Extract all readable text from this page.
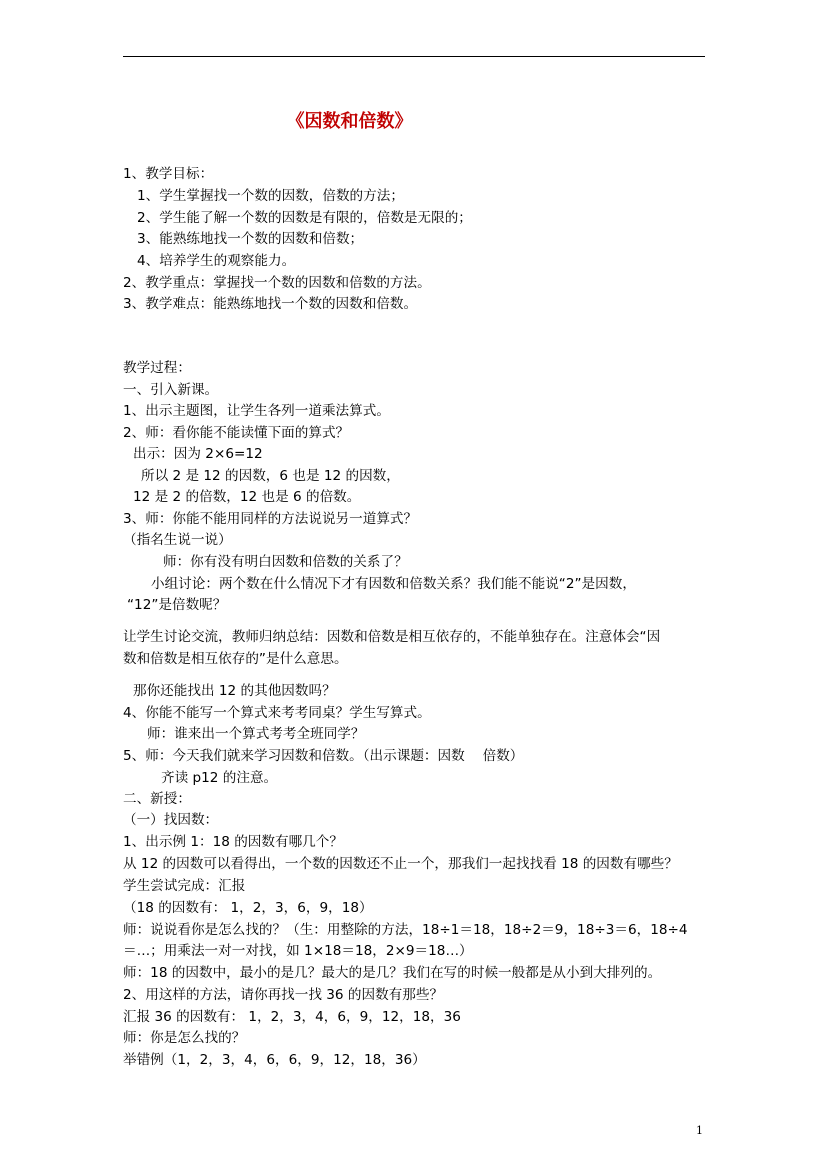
《因数和倍数》
1、教学目标：
1、学生掌握找一个数的因数，倍数的方法；
2、学生能了解一个数的因数是有限的，倍数是无限的；
3、能熟练地找一个数的因数和倍数；
4、培养学生的观察能力。
2、教学重点：掌握找一个数的因数和倍数的方法。
3、教学难点：能熟练地找一个数的因数和倍数。
教学过程：
一、引入新课。
1、出示主题图，让学生各列一道乘法算式。
2、师：看你能不能读懂下面的算式？
出示：因为 2×6=12
所以 2 是 12 的因数，6 也是 12 的因数，
12 是 2 的倍数，12 也是 6 的倍数。
3、师：你能不能用同样的方法说说另一道算式？
（指名生说一说）
师：你有没有明白因数和倍数的关系了？
小组讨论：两个数在什么情况下才有因数和倍数关系？我们能不能说“2”是因数，
“12”是倍数呢？
让学生讨论交流，教师归纳总结：因数和倍数是相互依存的，不能单独存在。注意体会“因
数和倍数是相互依存的”是什么意思。
那你还能找出 12 的其他因数吗？
4、你能不能写一个算式来考考同桌？学生写算式。
师：谁来出一个算式考考全班同学？
5、师：今天我们就来学习因数和倍数。（出示课题：因数　 倍数）
齐读 p12 的注意。
二、新授：
（一）找因数：
1、出示例 1：18 的因数有哪几个？
从 12 的因数可以看得出，一个数的因数还不止一个，那我们一起找找看 18 的因数有哪些？
学生尝试完成：汇报
（18 的因数有： 1，2，3，6，9，18）
师：说说看你是怎么找的？（生：用整除的方法，18÷1＝18，18÷2＝9，18÷3＝6，18÷4
＝…；用乘法一对一对找，如 1×18＝18，2×9＝18…）
师：18 的因数中，最小的是几？最大的是几？我们在写的时候一般都是从小到大排列的。
2、用这样的方法，请你再找一找 36 的因数有那些？
汇报 36 的因数有： 1，2，3，4，6，9，12，18，36
师：你是怎么找的？
举错例（1，2，3，4，6，6，9，12，18，36）
1
